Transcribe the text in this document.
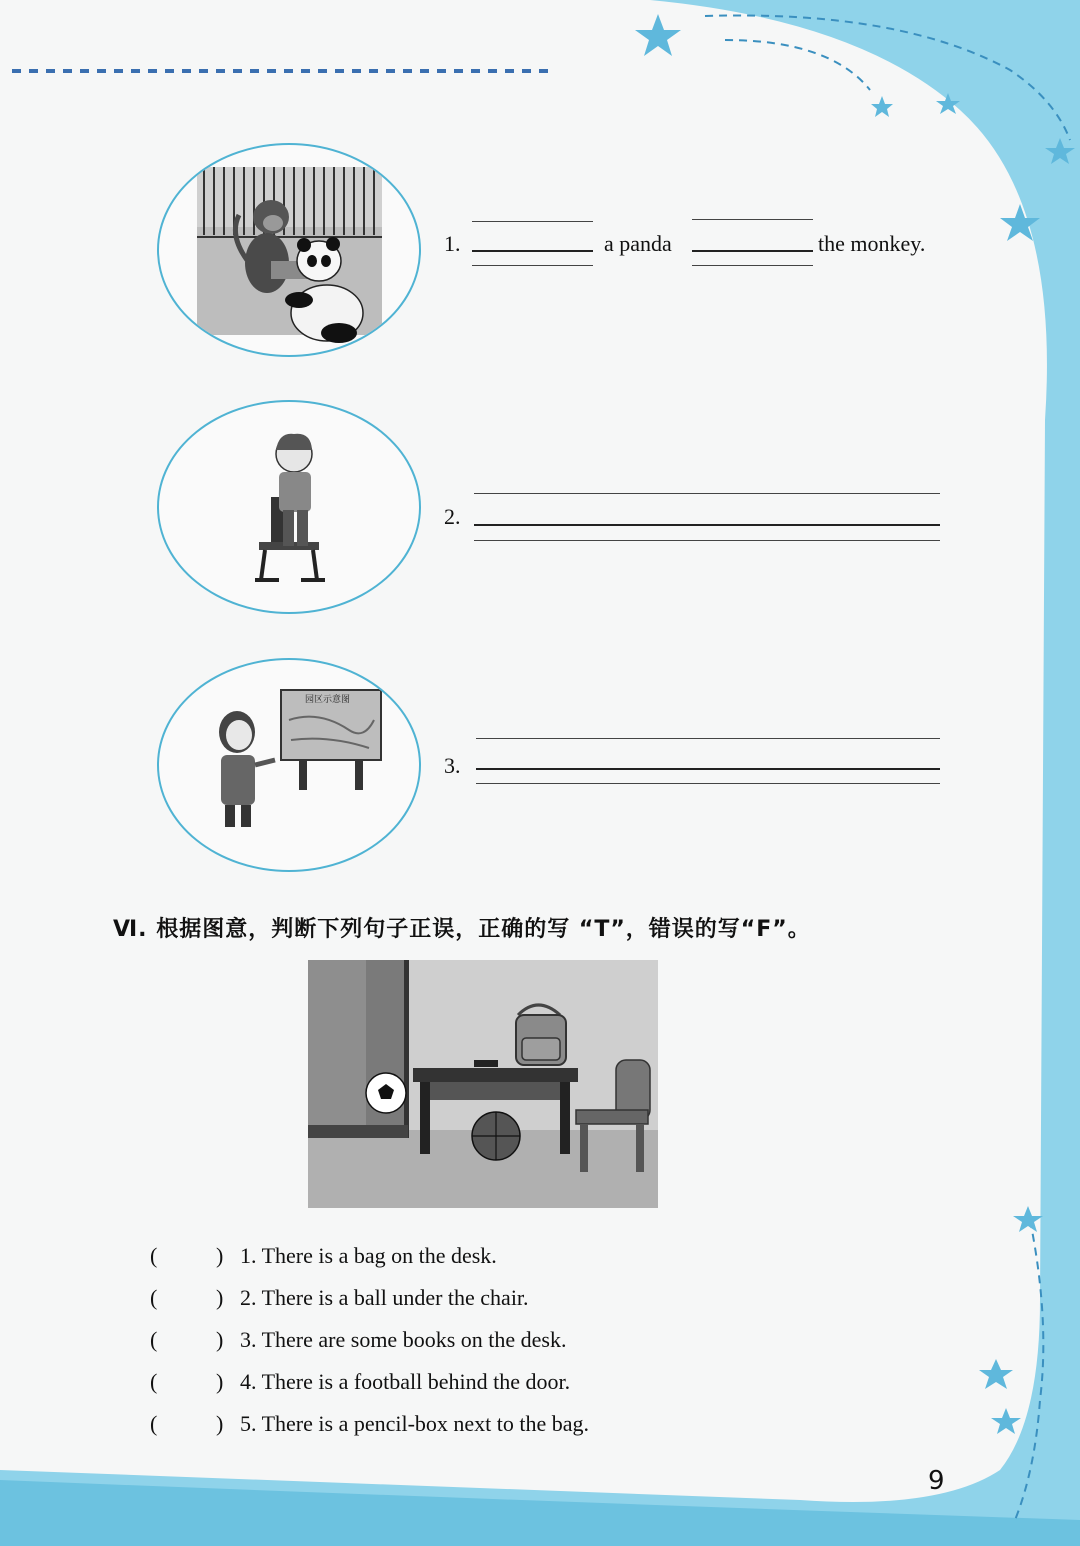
1.	a panda	the monkey.
2.
园区示意图
3.
Ⅵ. 根据图意，判断下列句子正误，正确的写 “T”，错误的写“F”。
(
	) 1. There is a bag on the desk.
(
	) 2. There is a ball under the chair.
(
	) 3. There are some books on the desk.
(
	) 4. There is a football behind the door.
(
	) 5. There is a pencil-box next to the bag.
9
